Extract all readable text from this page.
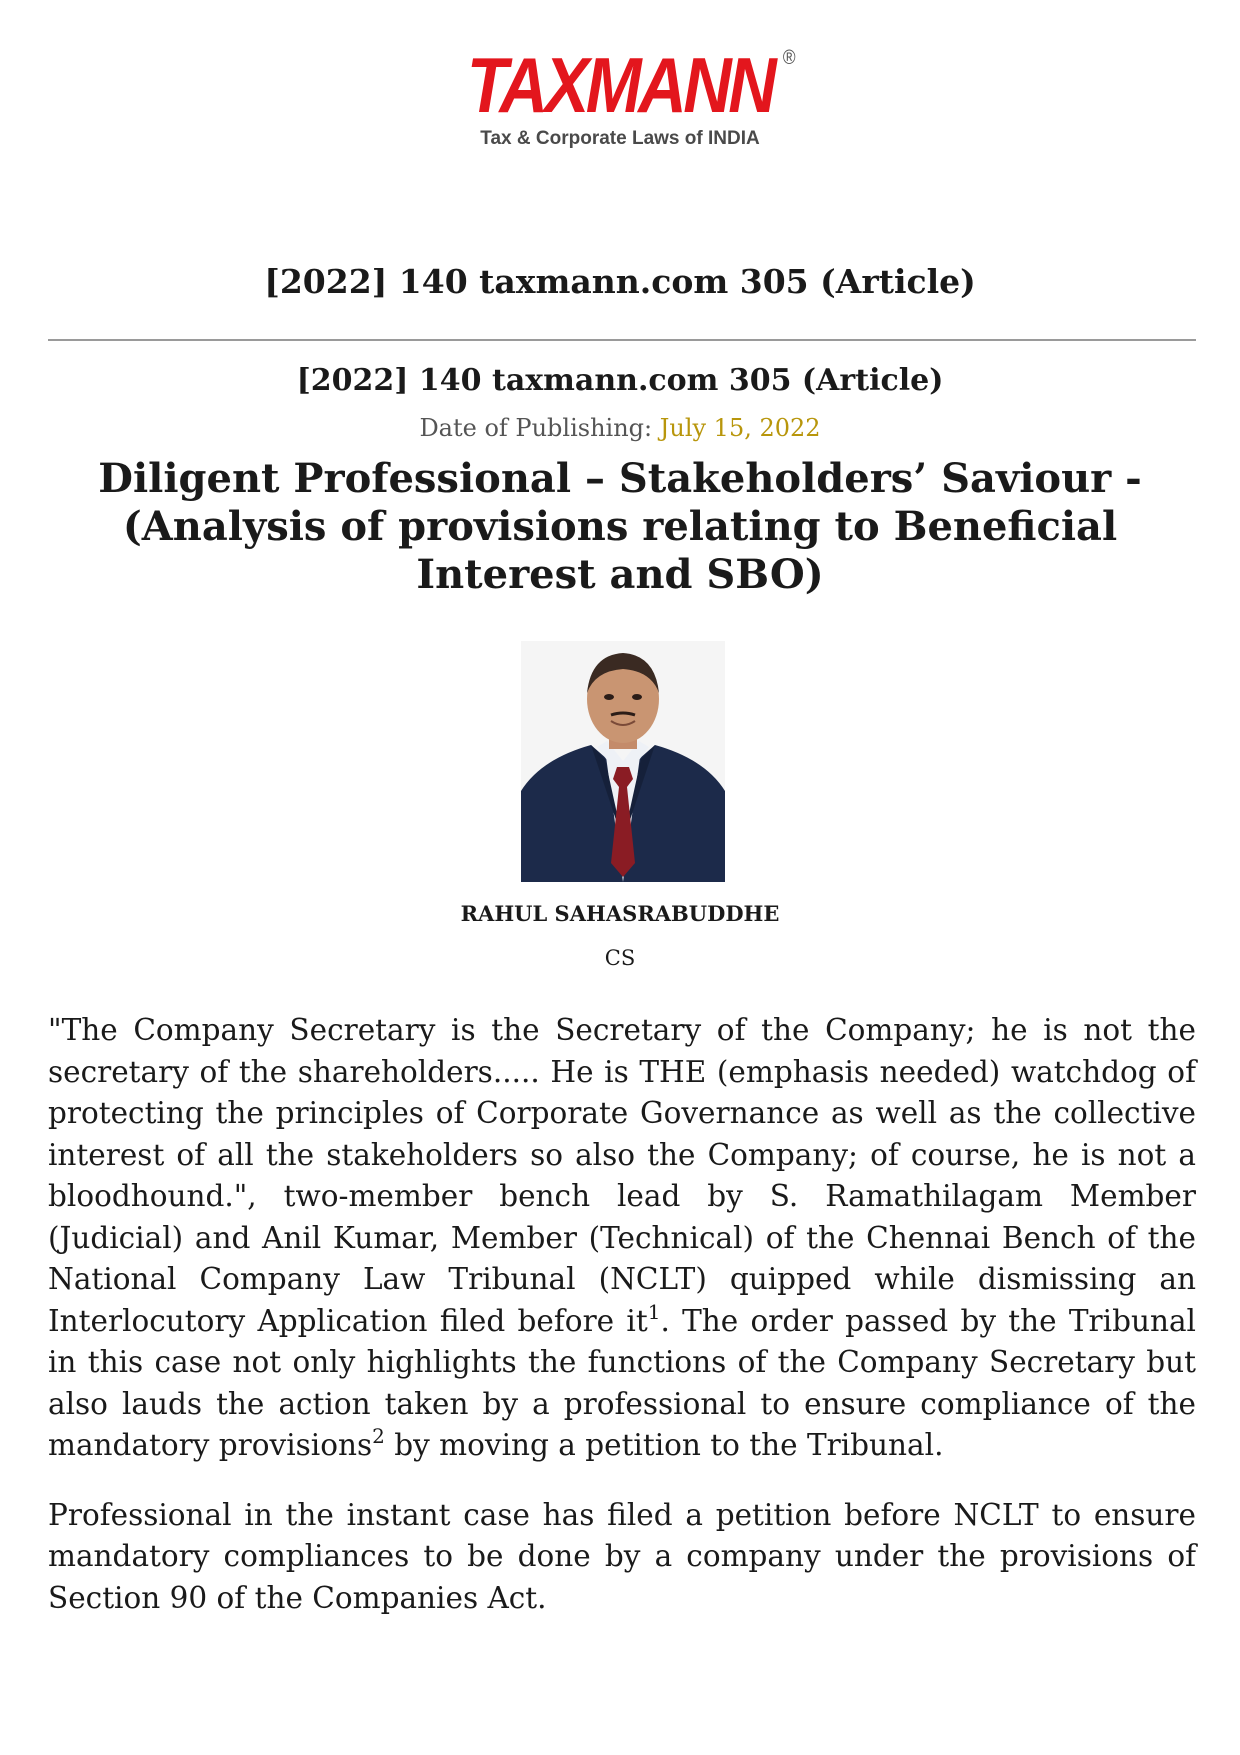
TAXMANN ®
Tax & Corporate Laws of INDIA
[2022] 140 taxmann.com 305 (Article)
[2022] 140 taxmann.com 305 (Article)
Date of Publishing: July 15, 2022
Diligent Professional – Stakeholders’ Saviour - (Analysis of provisions relating to Beneficial Interest and SBO)
RAHUL SAHASRABUDDHE
CS

"The Company Secretary is the Secretary of the Company; he is not the secretary of the shareholders..... He is THE (emphasis needed) watchdog of protecting the principles of Corporate Governance as well as the collective interest of all the stakeholders so also the Company; of course, he is not a bloodhound.", two-member bench lead by S. Ramathilagam Member (Judicial) and Anil Kumar, Member (Technical) of the Chennai Bench of the National Company Law Tribunal (NCLT) quipped while dismissing an Interlocutory Application filed before $it^1$. The order passed by the Tribunal in this case not only highlights the functions of the Company Secretary but also lauds the action taken by a professional to ensure compliance of the mandatory provisions$^2$ by moving a petition to the Tribunal.

Professional in the instant case has filed a petition before NCLT to ensure mandatory compliances to be done by a company under the provisions of Section 90 of the Companies Act.
